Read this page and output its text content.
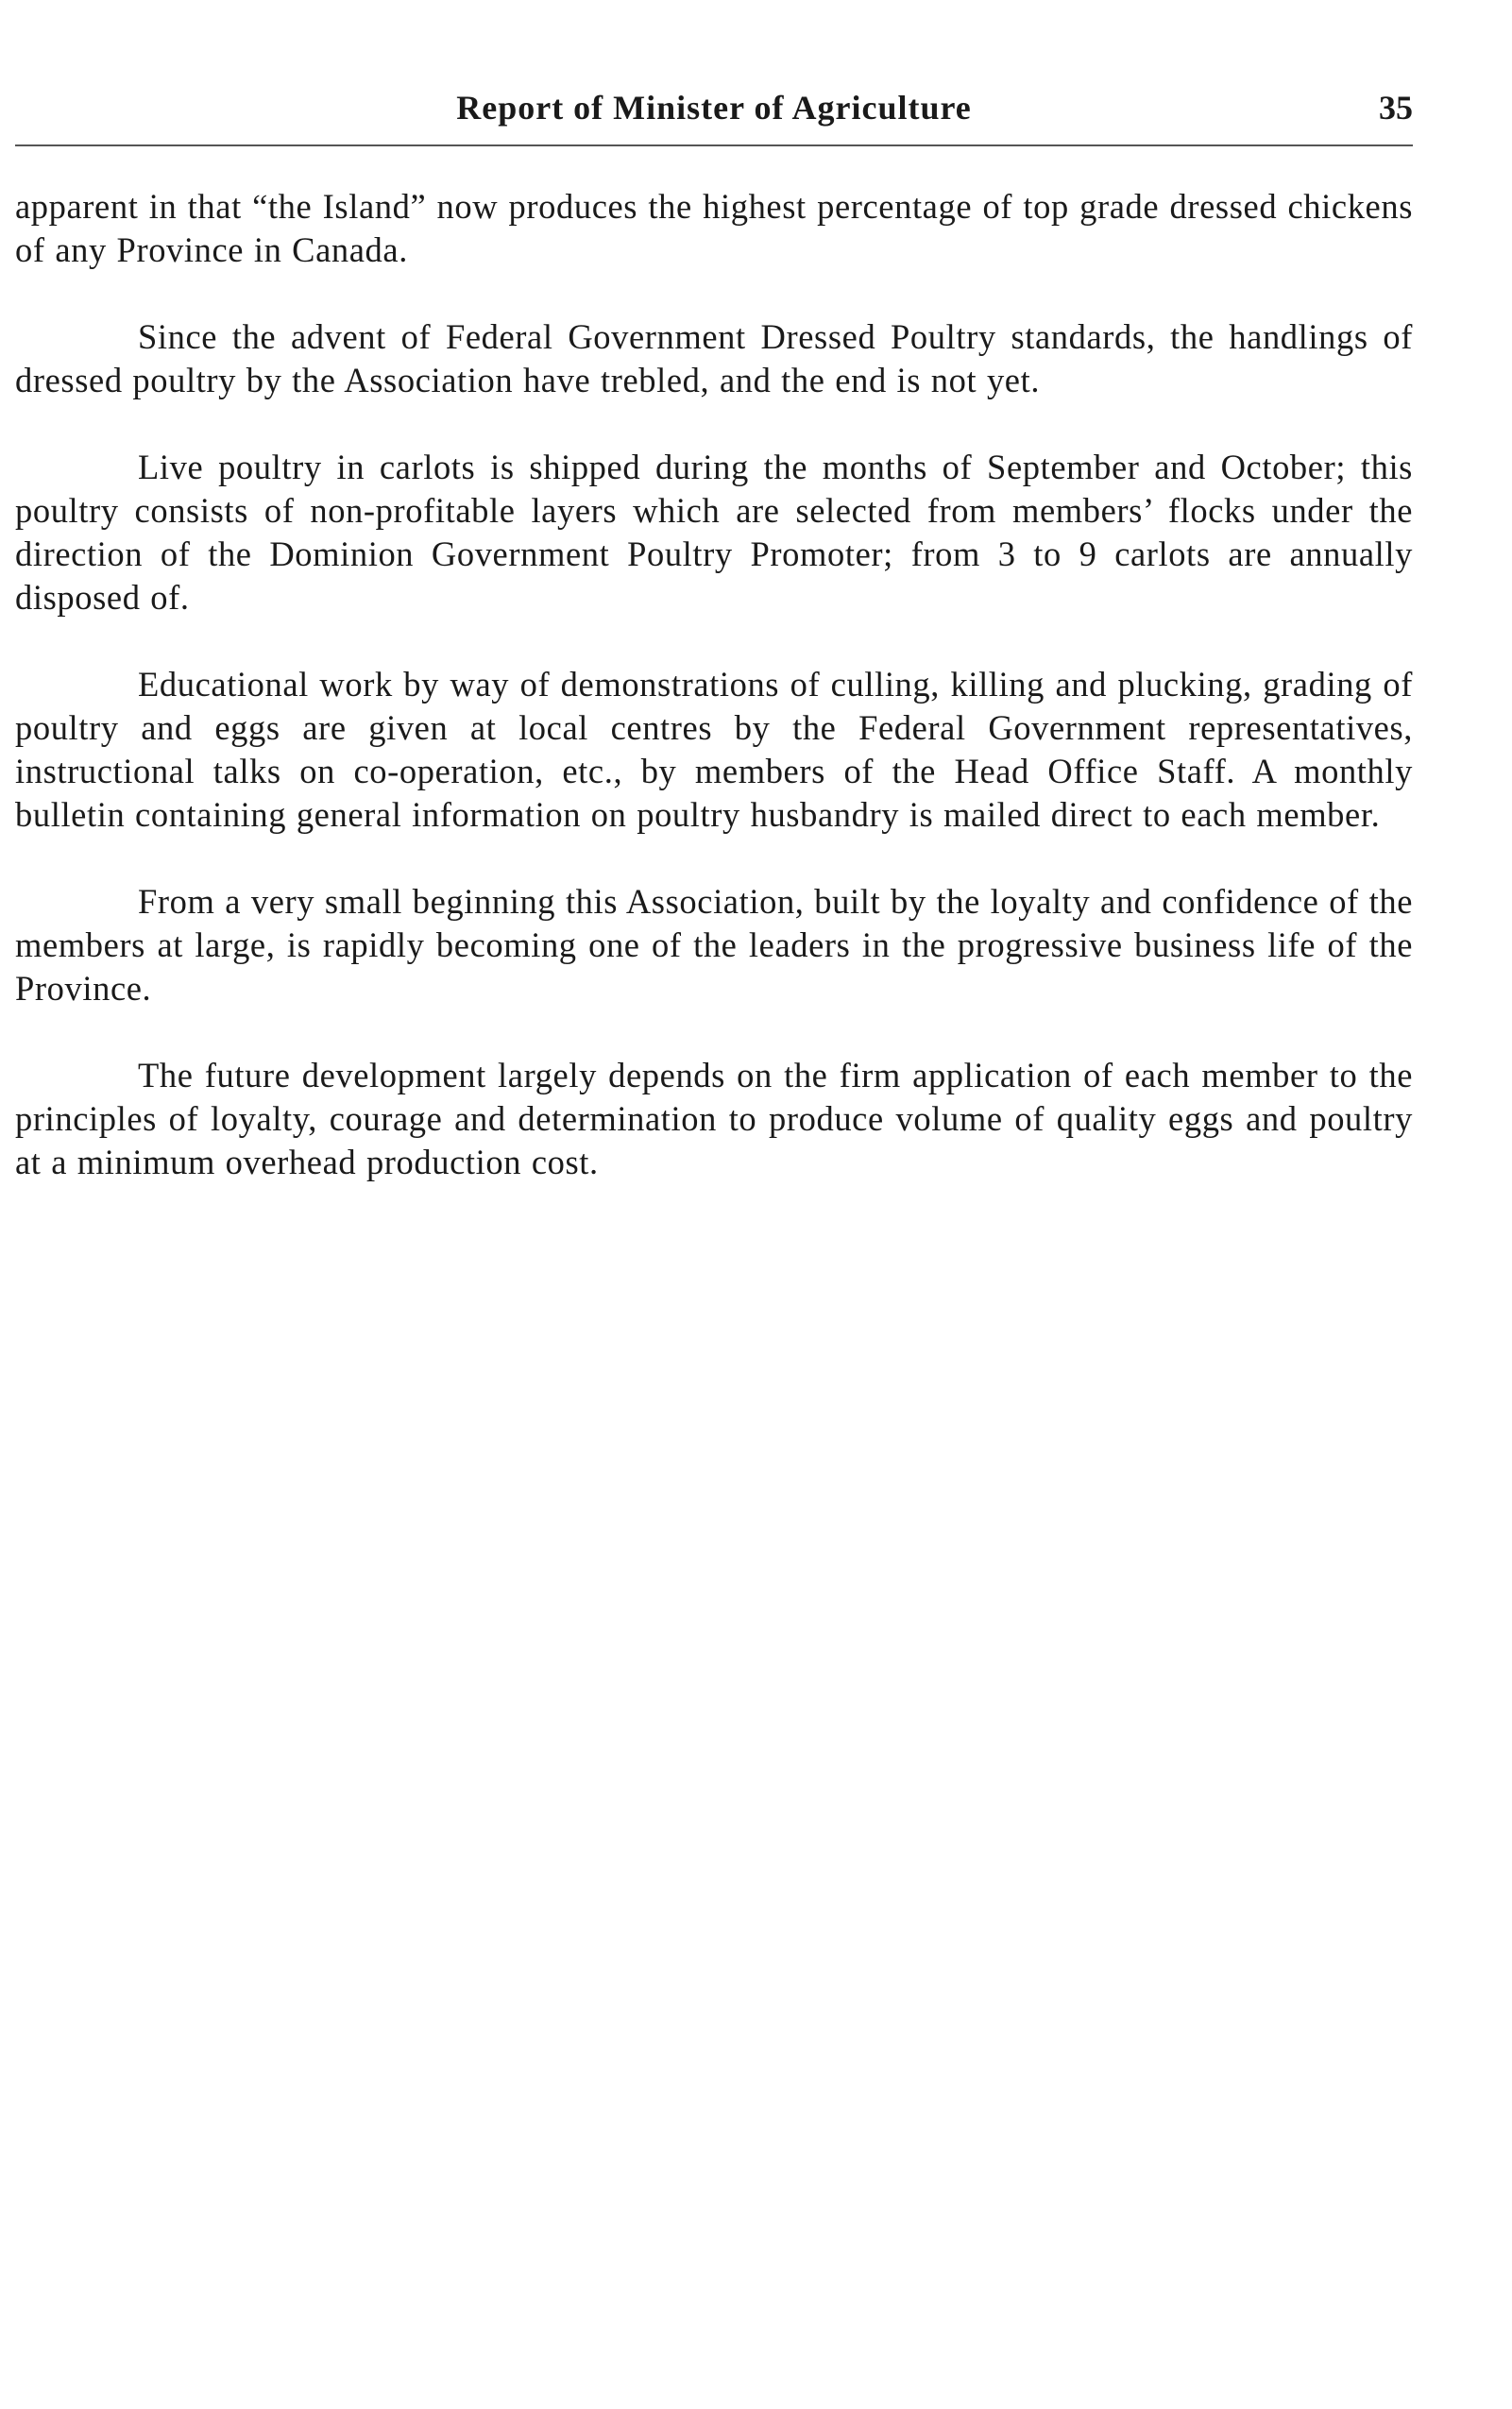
Report of Minister of Agriculture	35

apparent in that “the Island” now produces the highest percentage of top grade dressed chickens of any Province in Canada.

Since the advent of Federal Government Dressed Poultry standards, the handlings of dressed poultry by the Association have trebled, and the end is not yet.

Live poultry in carlots is shipped during the months of September and October; this poultry consists of non-profitable layers which are selected from members’ flocks under the direction of the Dominion Government Poultry Promoter; from 3 to 9 carlots are annually disposed of.

Educational work by way of demonstrations of culling, killing and plucking, grading of poultry and eggs are given at local centres by the Federal Government representatives, instructional talks on co-operation, etc., by members of the Head Office Staff. A monthly bulletin containing general information on poultry husbandry is mailed direct to each member.

From a very small beginning this Association, built by the loyalty and confidence of the members at large, is rapidly becoming one of the leaders in the progressive business life of the Province.

The future development largely depends on the firm application of each member to the principles of loyalty, courage and determination to produce volume of quality eggs and poultry at a minimum overhead production cost.
